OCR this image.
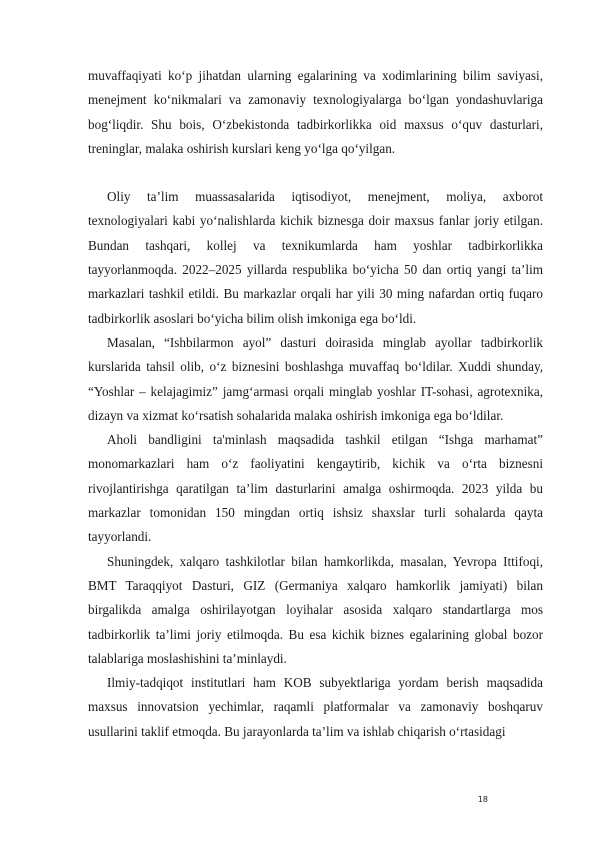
muvaffaqiyati ko‘p jihatdan ularning egalarining va xodimlarining bilim saviyasi, menejment ko‘nikmalari va zamonaviy texnologiyalarga bo‘lgan yondashuvlariga bog‘liqdir. Shu bois, O‘zbekistonda tadbirkorlikka oid maxsus o‘quv dasturlari, treninglar, malaka oshirish kurslari keng yo‘lga qo‘yilgan.

Oliy ta’lim muassasalarida iqtisodiyot, menejment, moliya, axborot texnologiyalari kabi yo‘nalishlarda kichik biznesga doir maxsus fanlar joriy etilgan. Bundan tashqari, kollej va texnikumlarda ham yoshlar tadbirkorlikka tayyorlanmoqda. 2022–2025 yillarda respublika bo‘yicha 50 dan ortiq yangi ta’lim markazlari tashkil etildi. Bu markazlar orqali har yili 30 ming nafardan ortiq fuqaro tadbirkorlik asoslari bo‘yicha bilim olish imkoniga ega bo‘ldi.

Masalan, “Ishbilarmon ayol” dasturi doirasida minglab ayollar tadbirkorlik kurslarida tahsil olib, o‘z biznesini boshlashga muvaffaq bo‘ldilar. Xuddi shunday, “Yoshlar – kelajagimiz” jamg‘armasi orqali minglab yoshlar IT-sohasi, agrotexnika, dizayn va xizmat ko‘rsatish sohalarida malaka oshirish imkoniga ega bo‘ldilar.

Aholi bandligini ta'minlash maqsadida tashkil etilgan “Ishga marhamat” monomarkazlari ham o‘z faoliyatini kengaytirib, kichik va o‘rta biznesni rivojlantirishga qaratilgan ta’lim dasturlarini amalga oshirmoqda. 2023 yilda bu markazlar tomonidan 150 mingdan ortiq ishsiz shaxslar turli sohalarda qayta tayyorlandi.

Shuningdek, xalqaro tashkilotlar bilan hamkorlikda, masalan, Yevropa Ittifoqi, BMT Taraqqiyot Dasturi, GIZ (Germaniya xalqaro hamkorlik jamiyati) bilan birgalikda amalga oshirilayotgan loyihalar asosida xalqaro standartlarga mos tadbirkorlik ta’limi joriy etilmoqda. Bu esa kichik biznes egalarining global bozor talablariga moslashishini ta’minlaydi.

Ilmiy-tadqiqot institutlari ham KOB subyektlariga yordam berish maqsadida maxsus innovatsion yechimlar, raqamli platformalar va zamonaviy boshqaruv usullarini taklif etmoqda. Bu jarayonlarda ta’lim va ishlab chiqarish o‘rtasidagi

18
